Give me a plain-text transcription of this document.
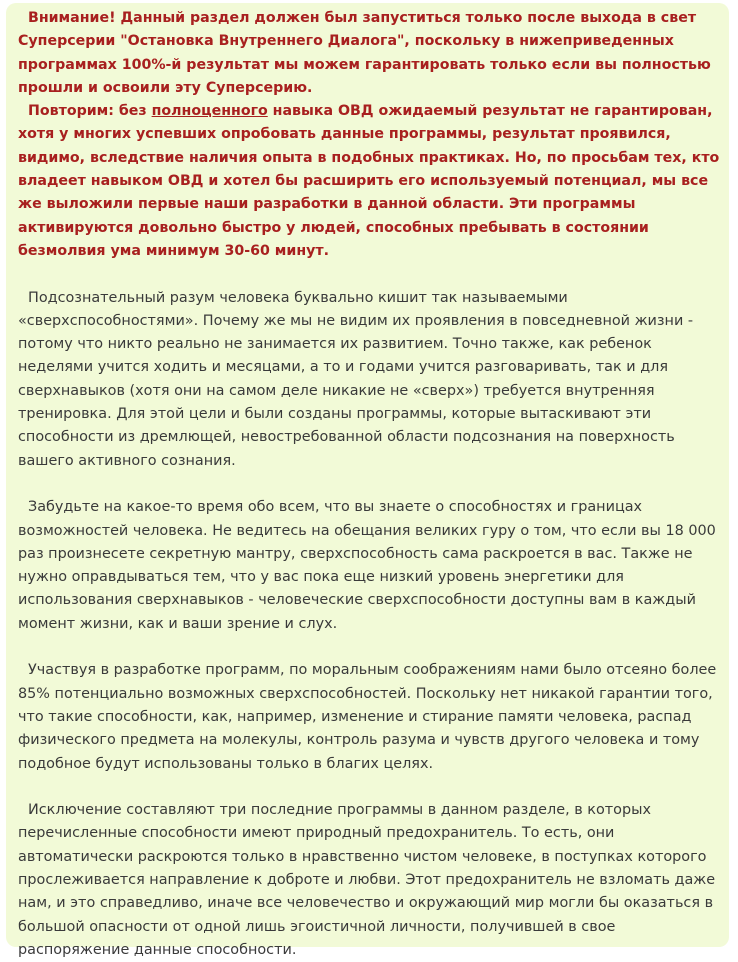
Внимание! Данный раздел должен был запуститься только после выхода в свет Суперсерии "Остановка Внутреннего Диалога", поскольку в нижеприведенных программах 100%-й результат мы можем гарантировать только если вы полностью прошли и освоили эту Суперсерию.

Повторим: без полноценного навыка ОВД ожидаемый результат не гарантирован, хотя у многих успевших опробовать данные программы, результат проявился, видимо, вследствие наличия опыта в подобных практиках. Но, по просьбам тех, кто владеет навыком ОВД и хотел бы расширить его используемый потенциал, мы все же выложили первые наши разработки в данной области. Эти программы активируются довольно быстро у людей, способных пребывать в состоянии безмолвия ума минимум 30-60 минут.

Подсознательный разум человека буквально кишит так называемыми «сверхспособностями». Почему же мы не видим их проявления в повседневной жизни - потому что никто реально не занимается их развитием. Точно также, как ребенок неделями учится ходить и месяцами, а то и годами учится разговаривать, так и для сверхнавыков (хотя они на самом деле никакие не «сверх») требуется внутренняя тренировка. Для этой цели и были созданы программы, которые вытаскивают эти способности из дремлющей, невостребованной области подсознания на поверхность вашего активного сознания.

Забудьте на какое-то время обо всем, что вы знаете о способностях и границах возможностей человека. Не ведитесь на обещания великих гуру о том, что если вы 18 000 раз произнесете секретную мантру, сверхспособность сама раскроется в вас. Также не нужно оправдываться тем, что у вас пока еще низкий уровень энергетики для использования сверхнавыков - человеческие сверхспособности доступны вам в каждый момент жизни, как и ваши зрение и слух.

Участвуя в разработке программ, по моральным соображениям нами было отсеяно более 85% потенциально возможных сверхспособностей. Поскольку нет никакой гарантии того, что такие способности, как, например, изменение и стирание памяти человека, распад физического предмета на молекулы, контроль разума и чувств другого человека и тому подобное будут использованы только в благих целях.

Исключение составляют три последние программы в данном разделе, в которых перечисленные способности имеют природный предохранитель. То есть, они автоматически раскроются только в нравственно чистом человеке, в поступках которого прослеживается направление к доброте и любви. Этот предохранитель не взломать даже нам, и это справедливо, иначе все человечество и окружающий мир могли бы оказаться в большой опасности от одной лишь эгоистичной личности, получившей в свое распоряжение данные способности.
